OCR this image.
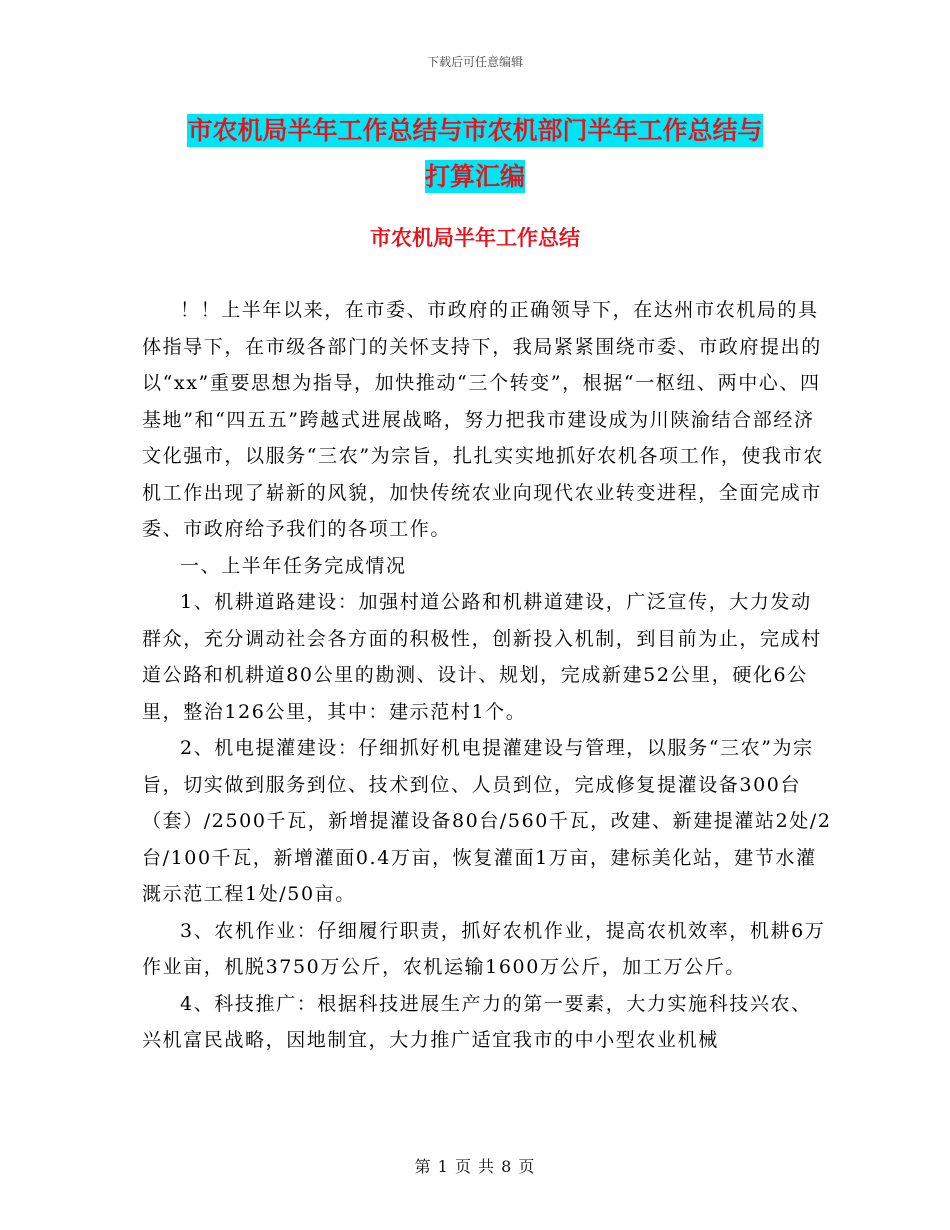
下载后可任意编辑
市农机局半年工作总结与市农机部门半年工作总结与
打算汇编
市农机局半年工作总结

！！上半年以来，在市委、市政府的正确领导下，在达州市农机局的具体指导下，在市级各部门的关怀支持下，我局紧紧围绕市委、市政府提出的以“xx”重要思想为指导，加快推动“三个转变”，根据“一枢纽、两中心、四基地”和“四五五”跨越式进展战略，努力把我市建设成为川陕渝结合部经济文化强市，以服务“三农”为宗旨，扎扎实实地抓好农机各项工作，使我市农机工作出现了崭新的风貌，加快传统农业向现代农业转变进程，全面完成市委、市政府给予我们的各项工作。

一、上半年任务完成情况

1、机耕道路建设：加强村道公路和机耕道建设，广泛宣传，大力发动群众，充分调动社会各方面的积极性，创新投入机制，到目前为止，完成村道公路和机耕道80公里的勘测、设计、规划，完成新建52公里，硬化6公里，整治126公里，其中：建示范村1个。

2、机电提灌建设：仔细抓好机电提灌建设与管理，以服务“三农”为宗旨，切实做到服务到位、技术到位、人员到位，完成修复提灌设备300台（套）/2500千瓦，新增提灌设备80台/560千瓦，改建、新建提灌站2处/2台/100千瓦，新增灌面0.4万亩，恢复灌面1万亩，建标美化站，建节水灌溉示范工程1处/50亩。

3、农机作业：仔细履行职责，抓好农机作业，提高农机效率，机耕6万作业亩，机脱3750万公斤，农机运输1600万公斤，加工万公斤。

4、科技推广：根据科技进展生产力的第一要素，大力实施科技兴农、兴机富民战略，因地制宜，大力推广适宜我市的中小型农业机械

第 1 页 共 8 页
